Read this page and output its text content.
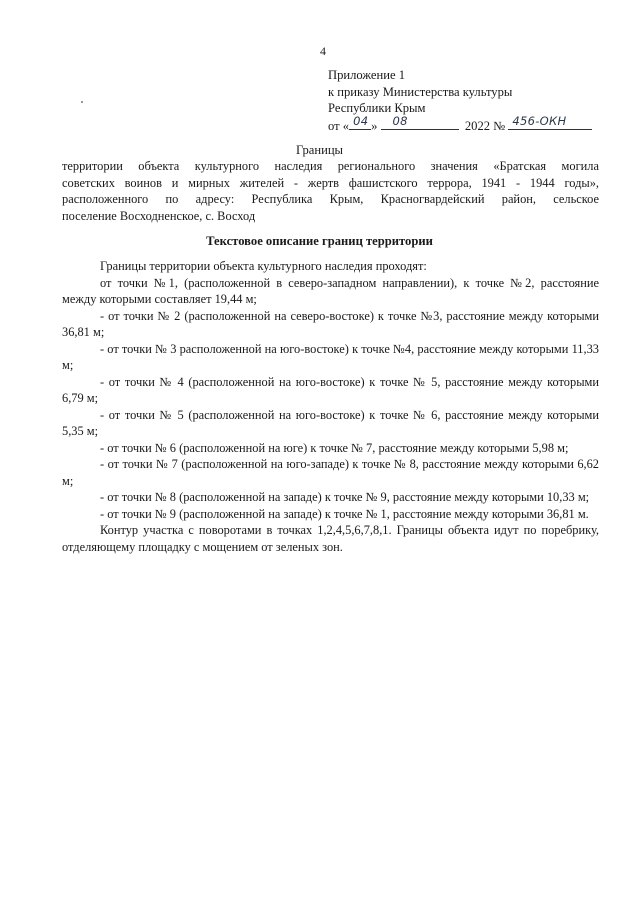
4
Приложение 1
к приказу Министерства культуры
Республики Крым
от « 04 » 08	2022 № 456-ОКН
Границы
территории объекта культурного наследия регионального значения «Братская могила
советских воинов и мирных жителей - жертв фашистского террора, 1941 - 1944 годы»,
расположенного по адресу: Республика Крым, Красногвардейский район, сельское
поселение Восходненское, с. Восход
Текстовое описание границ территории

Границы территории объекта культурного наследия проходят:

от точки №1, (расположенной в северо-западном направлении), к точке №2, расстояние между которыми составляет 19,44 м;

- от точки № 2 (расположенной на северо-востоке) к точке №3, расстояние между которыми 36,81 м;

- от точки № 3 расположенной на юго-востоке) к точке №4, расстояние между которыми 11,33 м;

- от точки № 4 (расположенной на юго-востоке) к точке № 5, расстояние между которыми 6,79 м;

- от точки № 5 (расположенной на юго-востоке) к точке № 6, расстояние между которыми 5,35 м;

- от точки № 6 (расположенной на юге) к точке № 7, расстояние между которыми 5,98 м;

- от точки № 7 (расположенной на юго-западе) к точке № 8, расстояние между которыми 6,62 м;

- от точки № 8 (расположенной на западе) к точке № 9, расстояние между которыми 10,33 м;

- от точки № 9 (расположенной на западе) к точке № 1, расстояние между которыми 36,81 м.

Контур участка с поворотами в точках 1,2,4,5,6,7,8,1. Границы объекта идут по поребрику, отделяющему площадку с мощением от зеленых зон.
